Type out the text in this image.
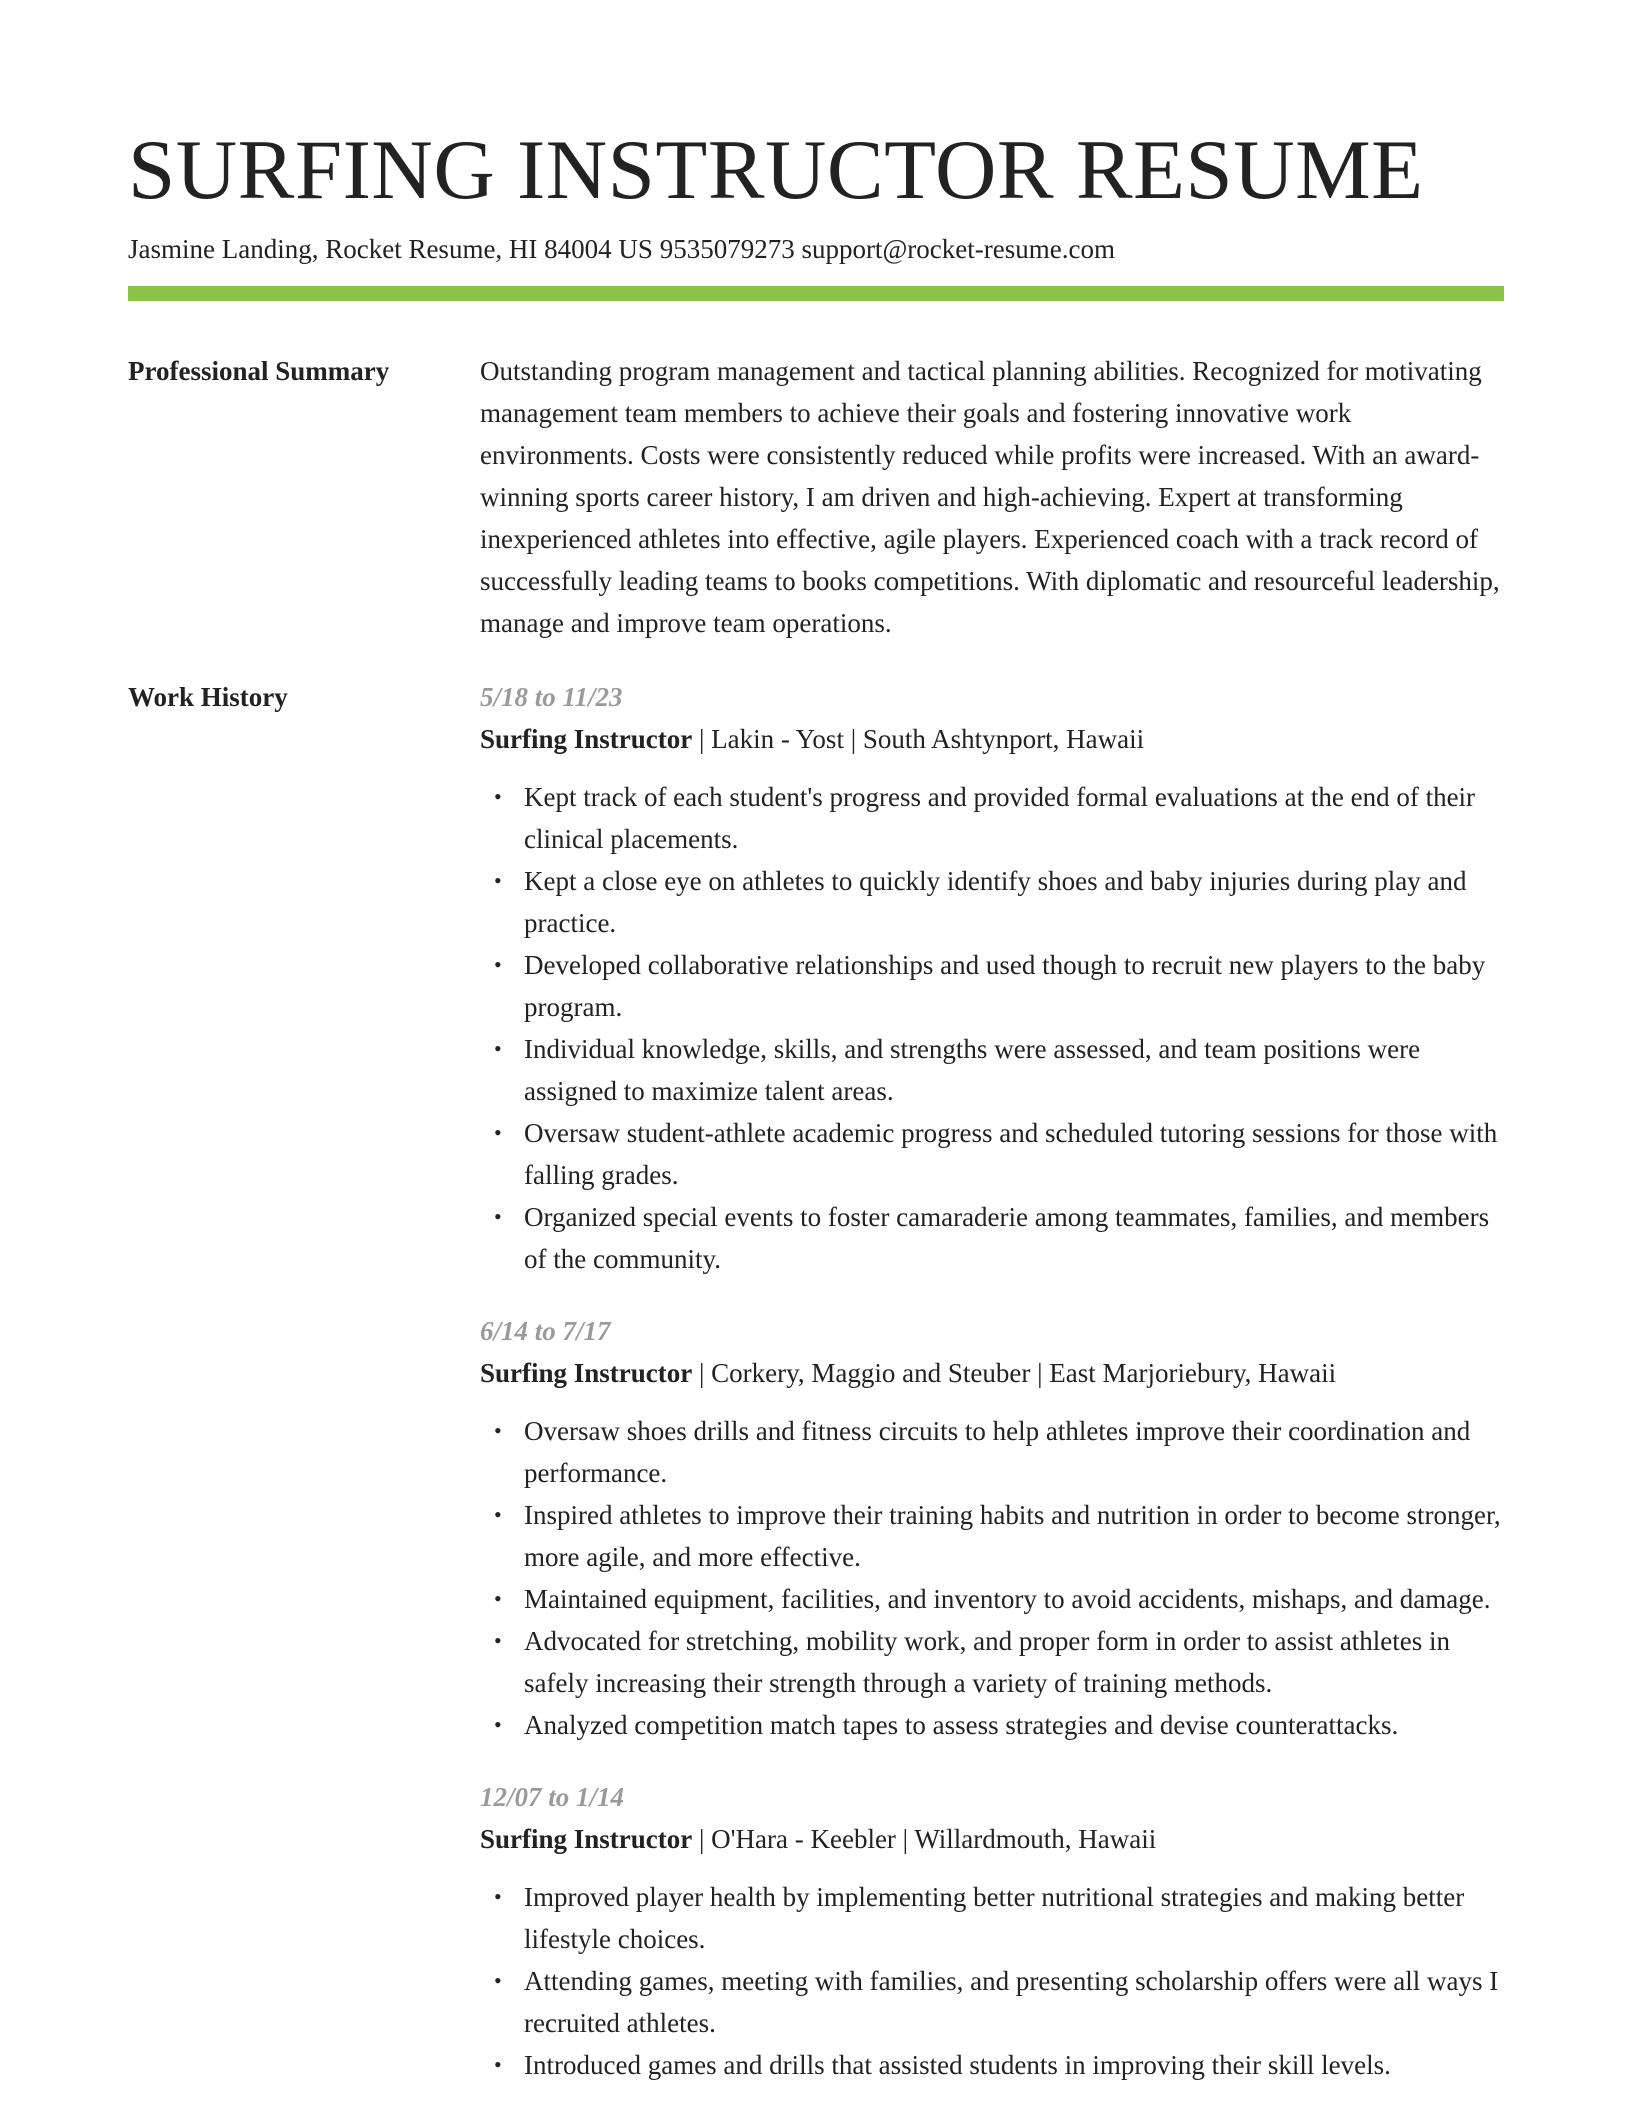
SURFING INSTRUCTOR RESUME
Jasmine Landing, Rocket Resume, HI 84004 US 9535079273 support@rocket-resume.com
Professional Summary	Outstanding program management and tactical planning abilities. Recognized for motivating management team members to achieve their goals and fostering innovative work environments. Costs were consistently reduced while profits were increased. With an award-winning sports career history, I am driven and high-achieving. Expert at transforming inexperienced athletes into effective, agile players. Experienced coach with a track record of successfully leading teams to books competitions. With diplomatic and resourceful leadership, manage and improve team operations.

Work History	5/18 to 11/23
Surfing Instructor | Lakin - Yost | South Ashtynport, Hawaii
• Kept track of each student's progress and provided formal evaluations at the end of their clinical placements.
• Kept a close eye on athletes to quickly identify shoes and baby injuries during play and practice.
• Developed collaborative relationships and used though to recruit new players to the baby program.
• Individual knowledge, skills, and strengths were assessed, and team positions were assigned to maximize talent areas.
• Oversaw student-athlete academic progress and scheduled tutoring sessions for those with falling grades.
• Organized special events to foster camaraderie among teammates, families, and members of the community.
6/14 to 7/17
Surfing Instructor | Corkery, Maggio and Steuber | East Marjoriebury, Hawaii
• Oversaw shoes drills and fitness circuits to help athletes improve their coordination and performance.
• Inspired athletes to improve their training habits and nutrition in order to become stronger, more agile, and more effective.
• Maintained equipment, facilities, and inventory to avoid accidents, mishaps, and damage.
• Advocated for stretching, mobility work, and proper form in order to assist athletes in safely increasing their strength through a variety of training methods.
• Analyzed competition match tapes to assess strategies and devise counterattacks.
12/07 to 1/14
Surfing Instructor | O'Hara - Keebler | Willardmouth, Hawaii
• Improved player health by implementing better nutritional strategies and making better lifestyle choices.
• Attending games, meeting with families, and presenting scholarship offers were all ways I recruited athletes.
• Introduced games and drills that assisted students in improving their skill levels.
